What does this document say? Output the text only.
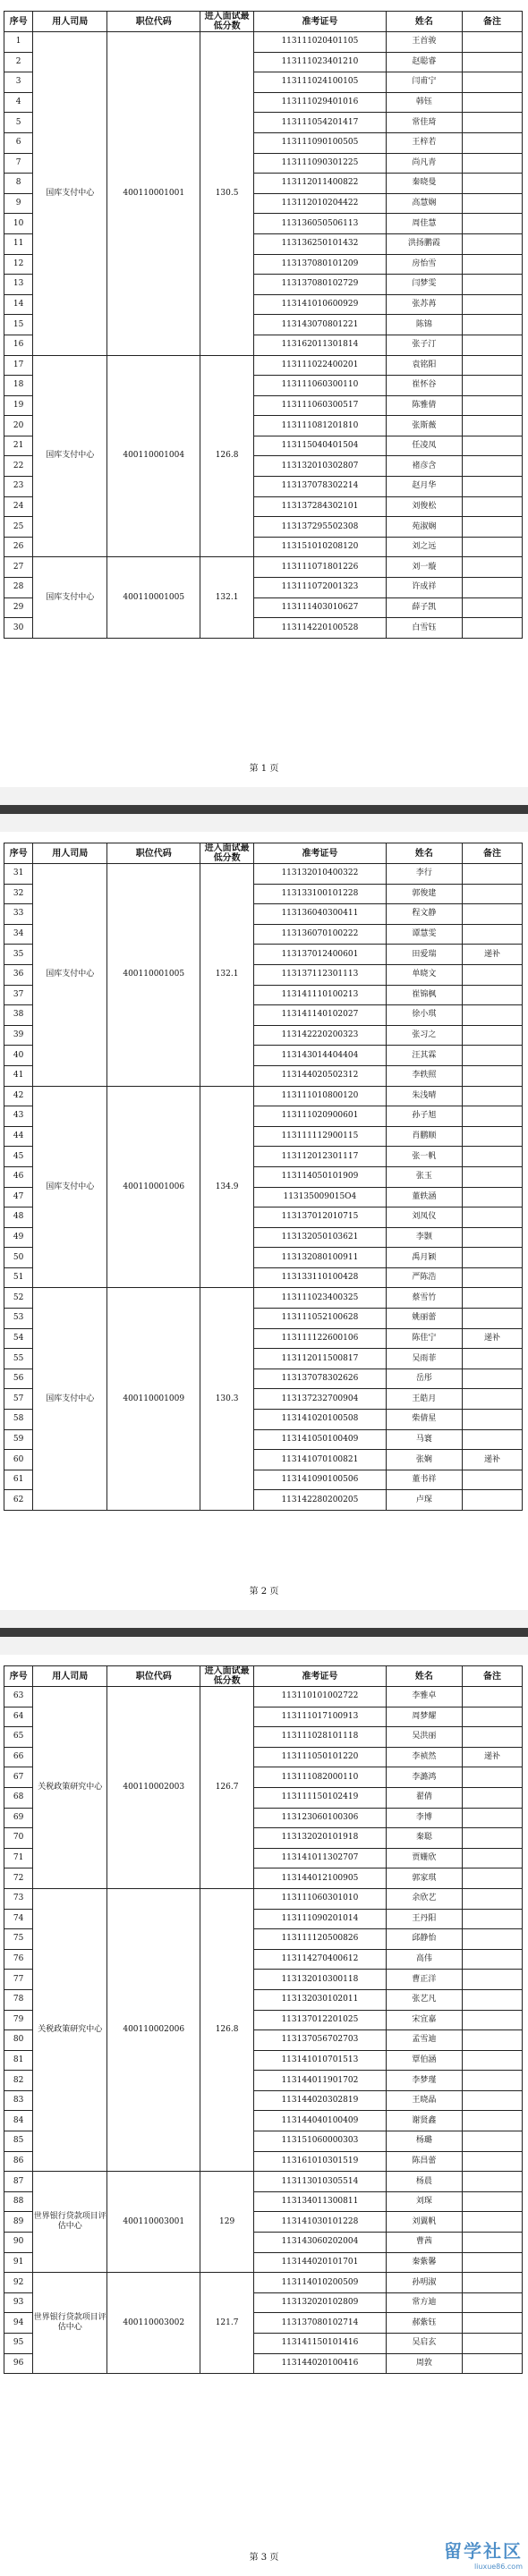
序号	用人司局	职位代码	进入面试最低分数	准考证号	姓名	备注
1	国库支付中心	400110001001	130.5	113111020401105	王首骏	
2				113111023401210	赵聪睿	
3				113111024100105	闫甫宁	
4				113111029401016	韩钰	
5				113111054201417	常佳琦	
6				113111090100505	王梓若	
7				113111090301225	尚凡青	
8				113112011400822	秦晓曼	
9				113112010204422	高慧娴	
10				113136050506113	周佳慧	
11				113136250101432	洪扬鹏霞	
12				113137080101209	房怡雪	
13				113137080102729	闫梦雯	
14				113141010600929	张苏苒	
15				113143070801221	陈锦	
16				113162011301814	张子汀	
17	国库支付中心	400110001004	126.8	113111022400201	袁铭阳	
18				113111060300110	崔怀谷	
19				113111060300517	陈雅倩	
20				113111081201810	张斯薇	
21				113115040401504	任凌凤	
22				113132010302807	褚彦含	
23				113137078302214	赵月华	
24				113137284302101	刘俊松	
25				113137295502308	苑淑娴	
26				113151010208120	刘之远	
27	国库支付中心	400110001005	132.1	113111071801226	刘一璇	
28				113111072001323	许成祥	
29				113111403010627	薛子凯	
30				113114220100528	白雪钰	
第 1 页
序号	用人司局	职位代码	进入面试最低分数	准考证号	姓名	备注
31	国库支付中心	400110001005	132.1	113132010400322	李行	
32				113133100101228	郭俊建	
33				113136040300411	程文静	
34				113136070100222	谭慧雯	
35				113137012400601	田爱瑞	递补
36				113137112301113	单晓文	
37				113141110100213	崔锦枫	
38				113141140102027	徐小琪	
39				113142220200323	张习之	
40				113143014404404	汪其霖	
41				113144020502312	李轶照	
42	国库支付中心	400110001006	134.9	113111010800120	朱浅晴	
43				113111020900601	孙子旭	
44				113111112900115	肖鹏顺	
45				113112012301117	张一帆	
46				113114050101909	张玉	
47				113135009015O4	董轶涵	
48				113137012010715	刘凤仪	
49				113132050103621	李颢	
50				113132080100911	禹月颖	
51				113133110100428	严陈浩	
52	国库支付中心	400110001009	130.3	113111023400325	蔡雪竹	
53				113111052100628	姚丽蕾	
54				113111122600106	陈佳宁	递补
55				113112011500817	吴雨菲	
56				113137078302626	岳彤	
57				113137232700904	王皓月	
58				113141020100508	柴倩星	
59				113141050100409	马寰	
60				113141070100821	张娴	递补
61				113141090100506	董书祥	
62				113142280200205	卢琛	
第 2 页
序号	用人司局	职位代码	进入面试最低分数	准考证号	姓名	备注
63	关税政策研究中心	400110002003	126.7	113110101002722	李雅卓	
64				113111017100913	周梦耀	
65				113111028101118	吴洪丽	
66				113111050101220	李祯然	递补
67				113111082000110	李潞鸿	
68				113111150102419	翟倩	
69				113123060100306	李博	
70				113132020101918	秦聪	
71				113141011302707	贾姗欣	
72				113144012100905	郭家琪	
73	关税政策研究中心	400110002006	126.8	113111060301010	余欣艺	
74				113111090201014	王丹阳	
75				113111120500826	邱静怡	
76				113114270400612	高伟	
77				113132010300118	曹正洋	
78				113132030102011	张艺凡	
79				113137012201025	宋宜嘉	
80				113137056702703	孟雪迪	
81				113141010701513	覃伯涵	
82				113144011901702	李梦瑾	
83				113144020302819	王晓晶	
84				113144040100409	谢贤鑫	
85				113151060000303	杨璐	
86				113161010301519	陈昌蕾	
87	世界银行贷款项目评估中心	400110003001	129	113113010305514	杨晨	
88				113134011300811	刘琛	
89				113141030101228	刘翼帆	
90				113143060202004	曹茜	
91				113144020101701	秦紫馨	
92	世界银行贷款项目评估中心	400110003002	121.7	113114010200509	孙明淑	
93				113132020102809	常方迪	
94				113137080102714	郝紫钰	
95				113141150101416	吴启玄	
96				113144020100416	周敦	
第 3 页	留学社区
liuxue86.com
